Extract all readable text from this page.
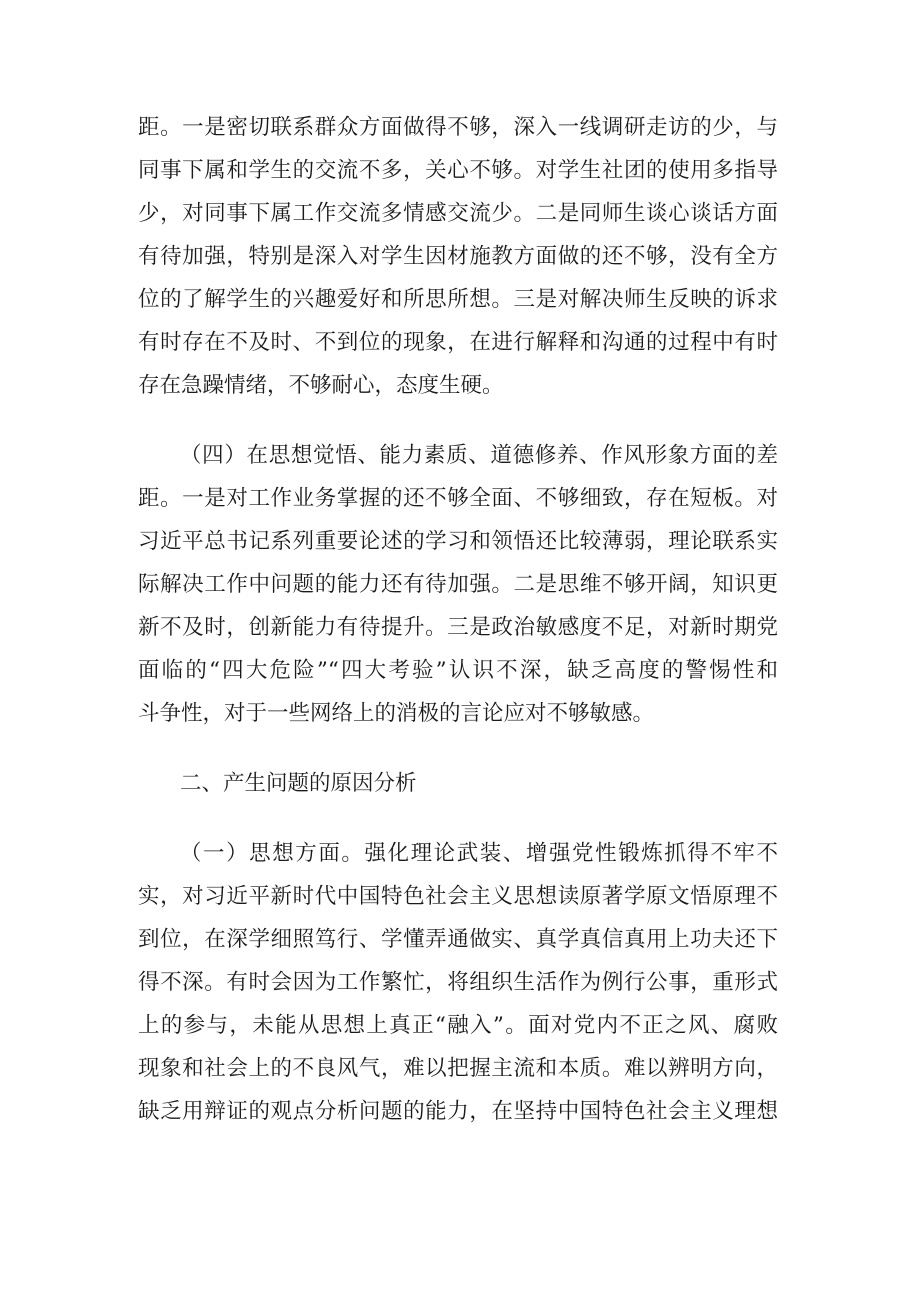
距。一是密切联系群众方面做得不够，深入一线调研走访的少，与
同事下属和学生的交流不多，关心不够。对学生社团的使用多指导
少，对同事下属工作交流多情感交流少。二是同师生谈心谈话方面
有待加强，特别是深入对学生因材施教方面做的还不够，没有全方
位的了解学生的兴趣爱好和所思所想。三是对解决师生反映的诉求
有时存在不及时、不到位的现象，在进行解释和沟通的过程中有时
存在急躁情绪，不够耐心，态度生硬。
（四）在思想觉悟、能力素质、道德修养、作风形象方面的差
距。一是对工作业务掌握的还不够全面、不够细致，存在短板。对
习近平总书记系列重要论述的学习和领悟还比较薄弱，理论联系实
际解决工作中问题的能力还有待加强。二是思维不够开阔，知识更
新不及时，创新能力有待提升。三是政治敏感度不足，对新时期党
面临的“四大危险”“四大考验”认识不深，缺乏高度的警惕性和
斗争性，对于一些网络上的消极的言论应对不够敏感。
二、产生问题的原因分析
（一）思想方面。强化理论武装、增强党性锻炼抓得不牢不
实，对习近平新时代中国特色社会主义思想读原著学原文悟原理不
到位，在深学细照笃行、学懂弄通做实、真学真信真用上功夫还下
得不深。有时会因为工作繁忙，将组织生活作为例行公事，重形式
上的参与，未能从思想上真正“融入”。面对党内不正之风、腐败
现象和社会上的不良风气，难以把握主流和本质。难以辨明方向，
缺乏用辩证的观点分析问题的能力，在坚持中国特色社会主义理想
